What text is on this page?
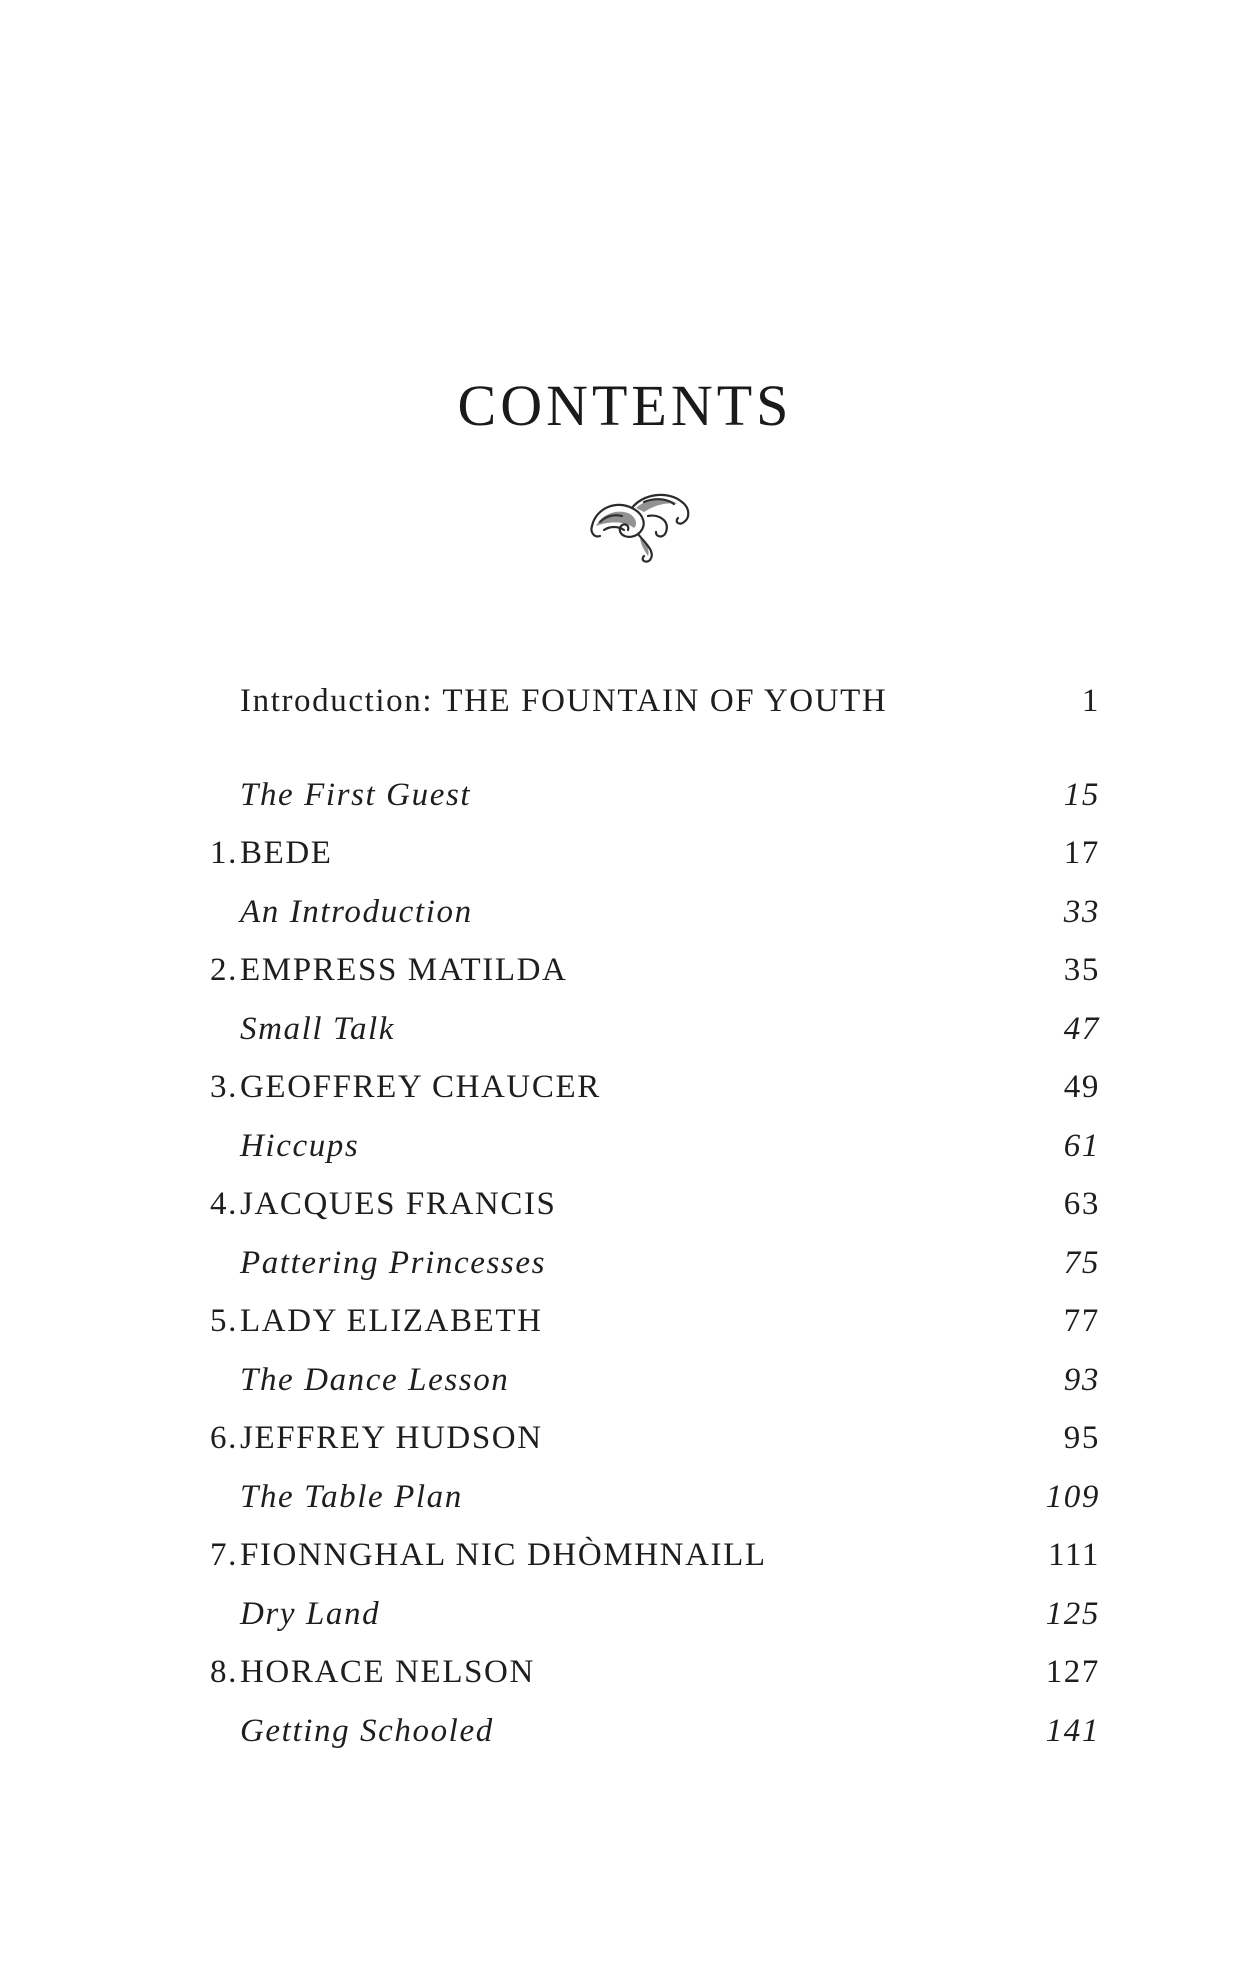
CONTENTS
Introduction: THE FOUNTAIN OF YOUTH	1
The First Guest	15
1. BEDE	17
An Introduction	33
2. EMPRESS MATILDA	35
Small Talk	47
3. GEOFFREY CHAUCER	49
Hiccups	61
4. JACQUES FRANCIS	63
Pattering Princesses	75
5. LADY ELIZABETH	77
The Dance Lesson	93
6. JEFFREY HUDSON	95
The Table Plan	109
7. FIONNGHAL NIC DHÒMHNAILL	111
Dry Land	125
8. HORACE NELSON	127
Getting Schooled	141
